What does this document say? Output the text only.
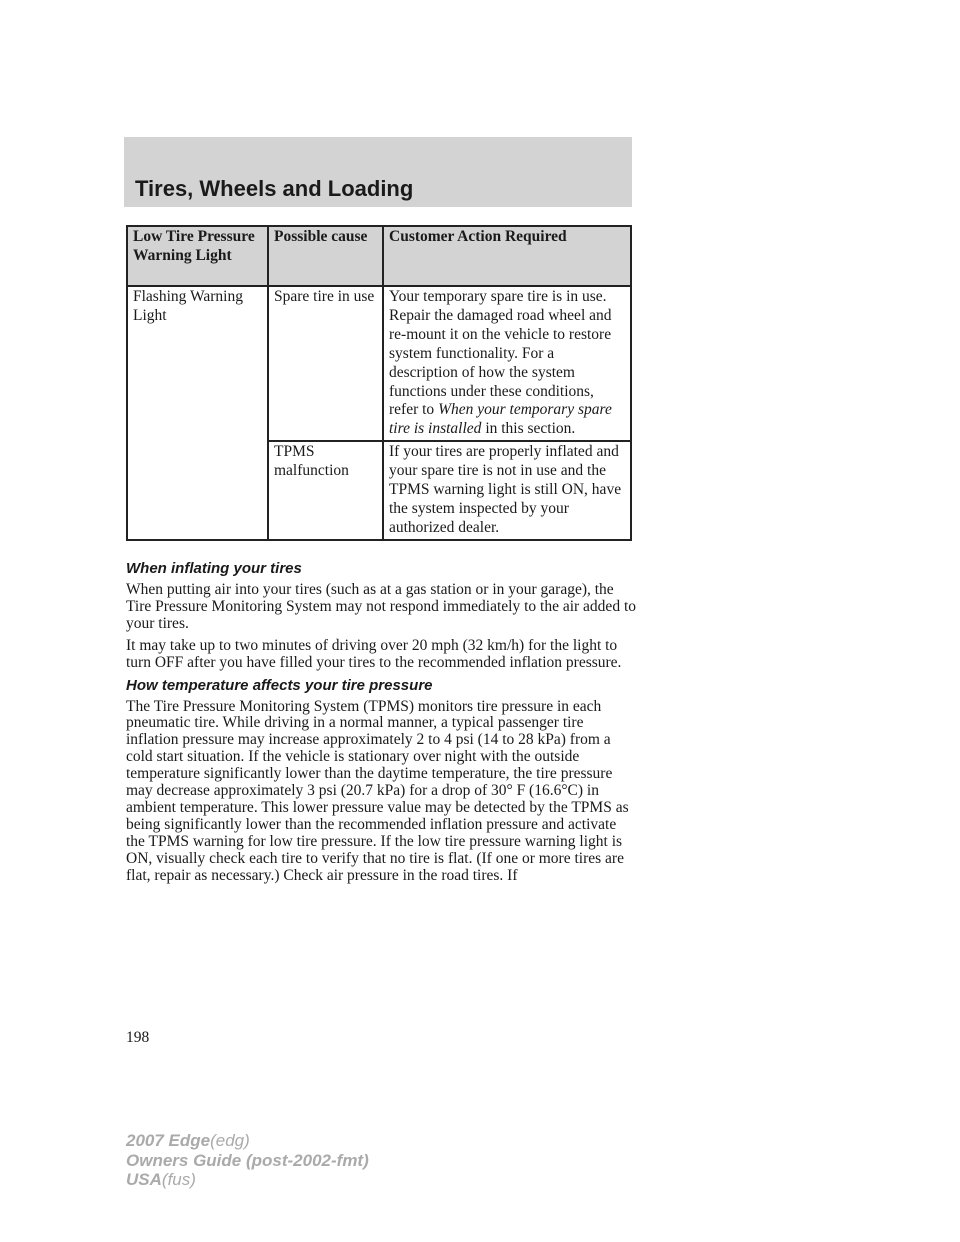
Tires, Wheels and Loading
Low Tire Pressure Warning Light	Possible cause	Customer Action Required
Flashing Warning Light	Spare tire in use	Your temporary spare tire is in use. Repair the damaged road wheel and re-mount it on the vehicle to restore system functionality. For a description of how the system functions under these conditions, refer to When your temporary spare tire is installed in this section.
	TPMS malfunction	If your tires are properly inflated and your spare tire is not in use and the TPMS warning light is still ON, have the system inspected by your authorized dealer.
When inflating your tires

When putting air into your tires (such as at a gas station or in your garage), the Tire Pressure Monitoring System may not respond immediately to the air added to your tires.

It may take up to two minutes of driving over 20 mph (32 km/h) for the light to turn OFF after you have filled your tires to the recommended inflation pressure.

How temperature affects your tire pressure

The Tire Pressure Monitoring System (TPMS) monitors tire pressure in each pneumatic tire. While driving in a normal manner, a typical passenger tire inflation pressure may increase approximately 2 to 4 psi (14 to 28 kPa) from a cold start situation. If the vehicle is stationary over night with the outside temperature significantly lower than the daytime temperature, the tire pressure may decrease approximately 3 psi (20.7 kPa) for a drop of 30° F (16.6°C) in ambient temperature. This lower pressure value may be detected by the TPMS as being significantly lower than the recommended inflation pressure and activate the TPMS warning for low tire pressure. If the low tire pressure warning light is ON, visually check each tire to verify that no tire is flat. (If one or more tires are flat, repair as necessary.) Check air pressure in the road tires. If

198
2007 Edge(edg)
Owners Guide (post-2002-fmt)
USA(fus)
